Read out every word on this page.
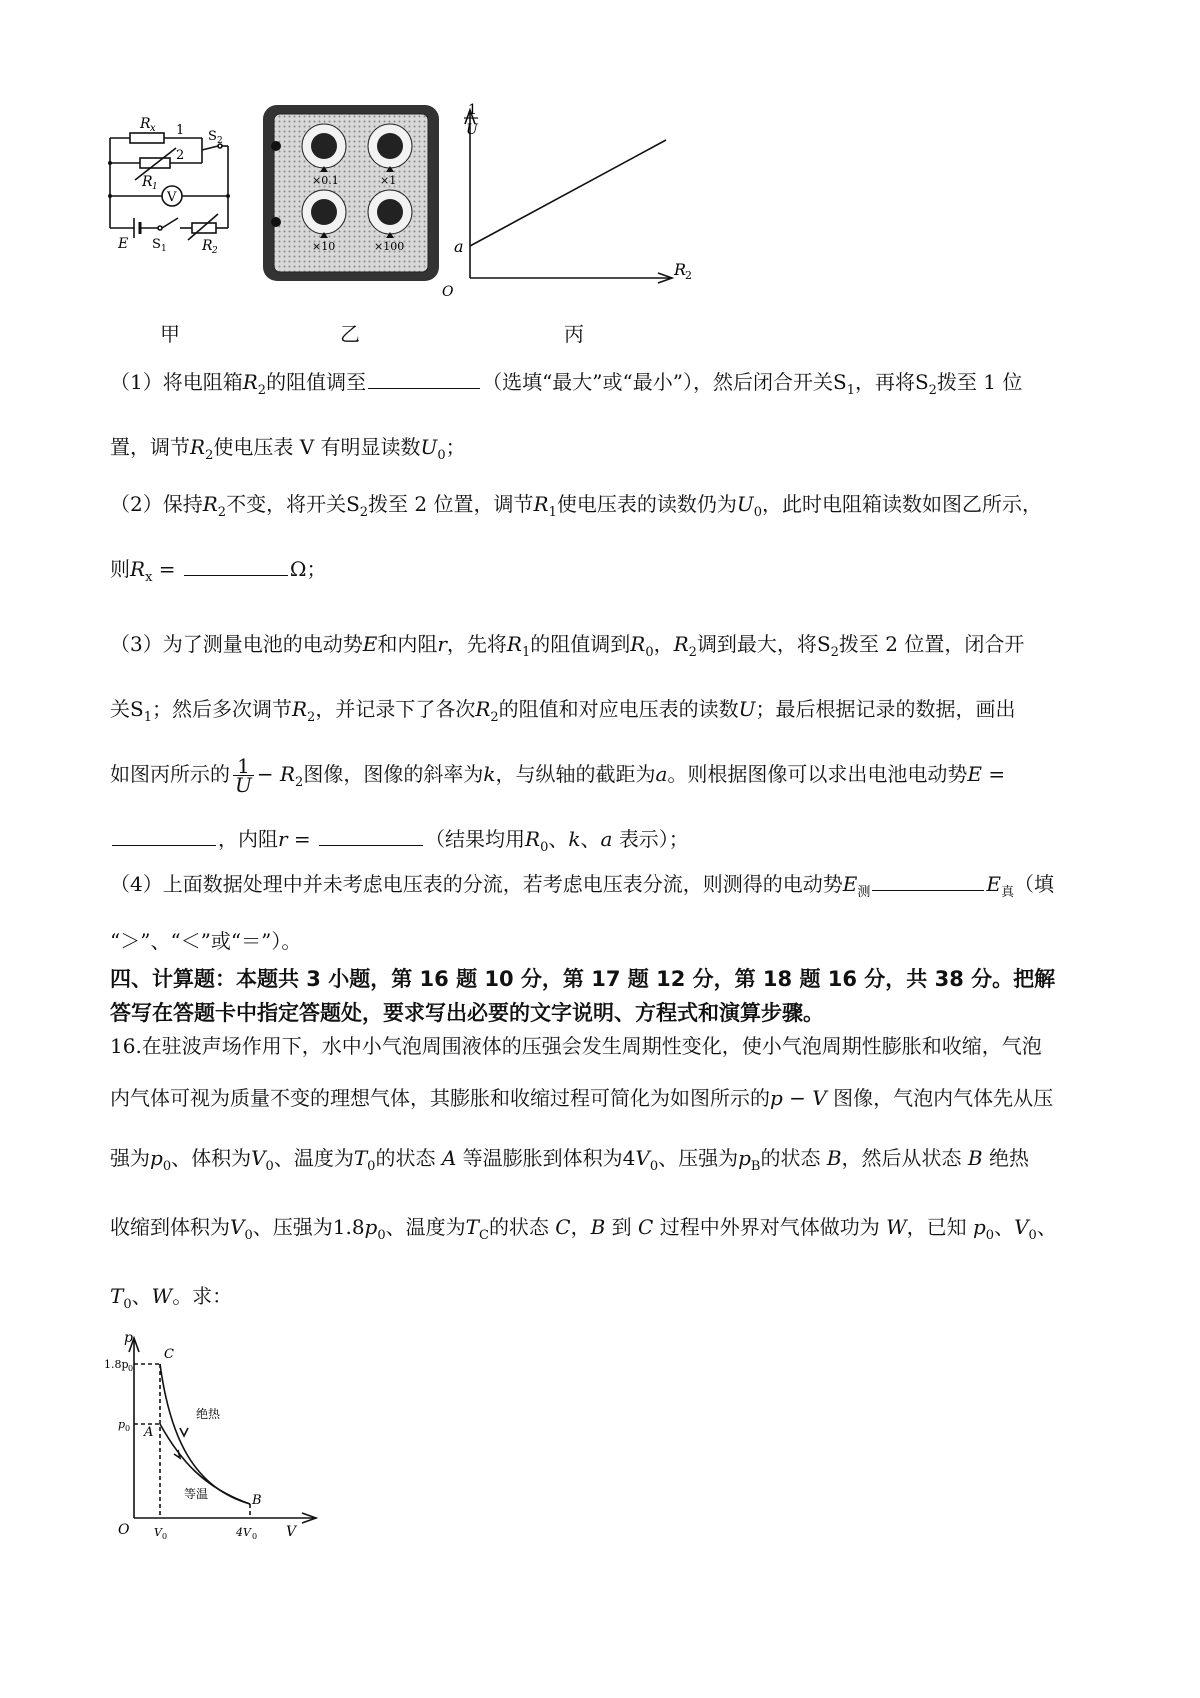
R x 1
2
S 2
R 1
V
E S 1	R 2
甲
×0.1	×1
×10	×100
乙
1
U
R
2
a
O
丙
（1）将电阻箱$R_2$的阻值调至	（选填“最大”或“最小”），然后闭合开关$S_1$，再将$S_2$拨至 1 位
置，调节$R_2$使电压表 V 有明显读数$U_0$；
（2）保持$R_2$不变，将开关$S_2$拨至 2 位置，调节$R_1$使电压表的读数仍为$U_0$，此时电阻箱读数如图乙所示，
则$R_x$ =	Ω；
（3）为了测量电池的电动势E和内阻r，先将$R_1$的阻值调到$R_0$，$R_2$调到最大，将$S_2$拨至 2 位置，闭合开
关$S_1$；然后多次调节$R_2$，并记录下了各次$R_2$的阻值和对应电压表的读数U；最后根据记录的数据，画出
如图丙所示的 $\frac{1}{U} - R_2$图像，图像的斜率为k，与纵轴的截距为a。则根据图像可以求出电池电动势E =
，内阻r =	（结果均用$R_0$、k、a 表示）；
（4）上面数据处理中并未考虑电压表的分流，若考虑电压表分流，则测得的电动势$E_测$	$E_真$（填
“＞”、“＜”或“＝”）。
四、计算题：本题共 3 小题，第 16 题 10 分，第 17 题 12 分，第 18 题 16 分，共 38 分。把解
答写在答题卡中指定答题处，要求写出必要的文字说明、方程式和演算步骤。
16.在驻波声场作用下，水中小气泡周围液体的压强会发生周期性变化，使小气泡周期性膨胀和收缩，气泡
内气体可视为质量不变的理想气体，其膨胀和收缩过程可简化为如图所示的p − V 图像，气泡内气体先从压
强为$p_0$、体积为$V_0$、温度为$T_0$的状态 A 等温膨胀到体积为$4V_0$、压强为$p_B$的状态 B，然后从状态 B 绝热
收缩到体积为$V_0$、压强为$1.8p_0$、温度为$T_C$的状态 C，B 到 C 过程中外界对气体做功为 W，已知 $p_0$、$V_0$、
$T_0$、W。求：
p
V
O
1.8p 0
p 0
V 0	4V 0
A
B
C
绝热
等温
